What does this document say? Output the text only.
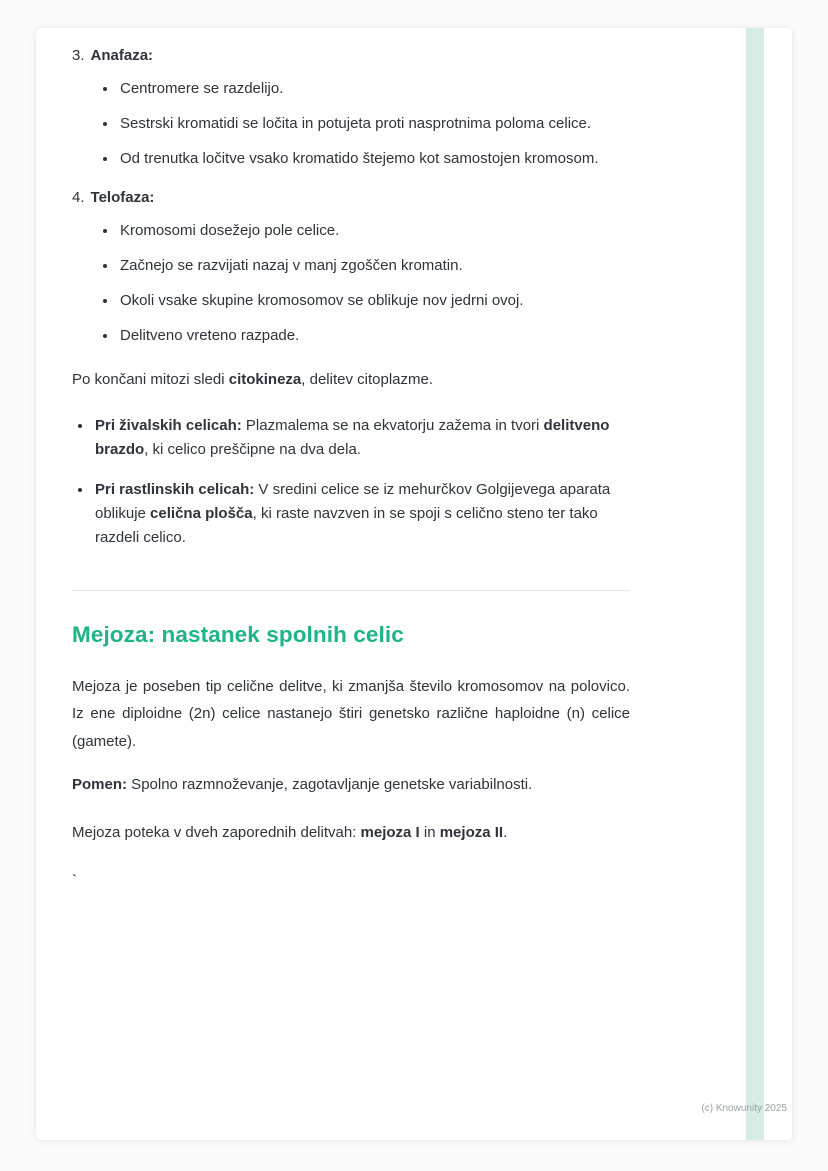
3. Anafaza:
• Centromere se razdelijo.
• Sestrski kromatidi se ločita in potujeta proti nasprotnima poloma celice.
• Od trenutka ločitve vsako kromatido štejemo kot samostojen kromosom.
4. Telofaza:
• Kromosomi dosežejo pole celice.
• Začnejo se razvijati nazaj v manj zgoščen kromatin.
• Okoli vsake skupine kromosomov se oblikuje nov jedrni ovoj.
• Delitveno vreteno razpade.

Po končani mitozi sledi citokineza, delitev citoplazme.

• Pri živalskih celicah: Plazmalema se na ekvatorju zažema in tvori delitveno brazdo, ki celico preščipne na dva dela.
• Pri rastlinskih celicah: V sredini celice se iz mehurčkov Golgijevega aparata oblikuje celična plošča, ki raste navzven in se spoji s celično steno ter tako razdeli celico.
Mejoza: nastanek spolnih celic

Mejoza je poseben tip celične delitve, ki zmanjša število kromosomov na polovico. Iz ene diploidne (2n) celice nastanejo štiri genetsko različne haploidne (n) celice (gamete).

Pomen: Spolno razmnoževanje, zagotavljanje genetske variabilnosti.

Mejoza poteka v dveh zaporednih delitvah: mejoza I in mejoza II.

`

(c) Knowunity 2025
